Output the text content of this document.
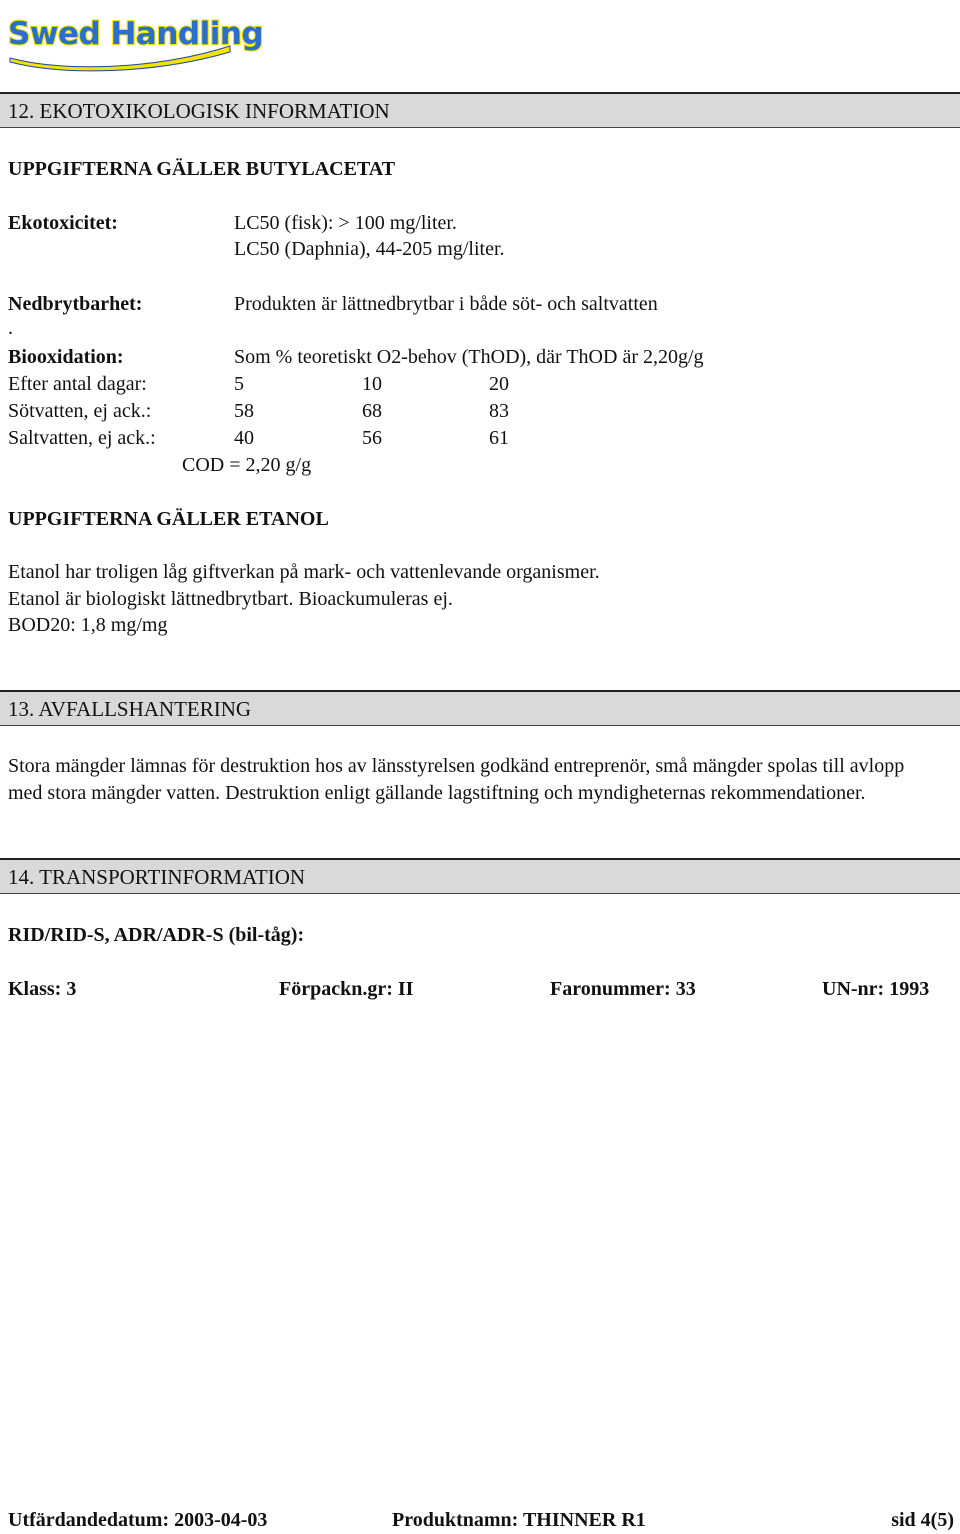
Swed Handling
12. EKOTOXIKOLOGISK INFORMATION
UPPGIFTERNA GÄLLER BUTYLACETAT
Ekotoxicitet:	LC50 (fisk): > 100 mg/liter.
LC50 (Daphnia), 44-205 mg/liter.
Nedbrytbarhet:	Produkten är lättnedbrytbar i både söt- och saltvatten
.
Biooxidation:	Som % teoretiskt O2-behov (ThOD), där ThOD är 2,20g/g
Efter antal dagar:	5	10	20
Sötvatten, ej ack.:	58	68	83
Saltvatten, ej ack.:	40	56	61
COD = 2,20 g/g
UPPGIFTERNA GÄLLER ETANOL
Etanol har troligen låg giftverkan på mark- och vattenlevande organismer.
Etanol är biologiskt lättnedbrytbart. Bioackumuleras ej.
BOD20: 1,8 mg/mg
13. AVFALLSHANTERING
Stora mängder lämnas för destruktion hos av länsstyrelsen godkänd entreprenör, små mängder spolas till avlopp med stora mängder vatten. Destruktion enligt gällande lagstiftning och myndigheternas rekommendationer.
14. TRANSPORTINFORMATION
RID/RID-S, ADR/ADR-S (bil-tåg):
Klass: 3	Förpackn.gr: II	Faronummer: 33	UN-nr: 1993
Utfärdandedatum: 2003-04-03	Produktnamn: THINNER R1	sid 4(5)
